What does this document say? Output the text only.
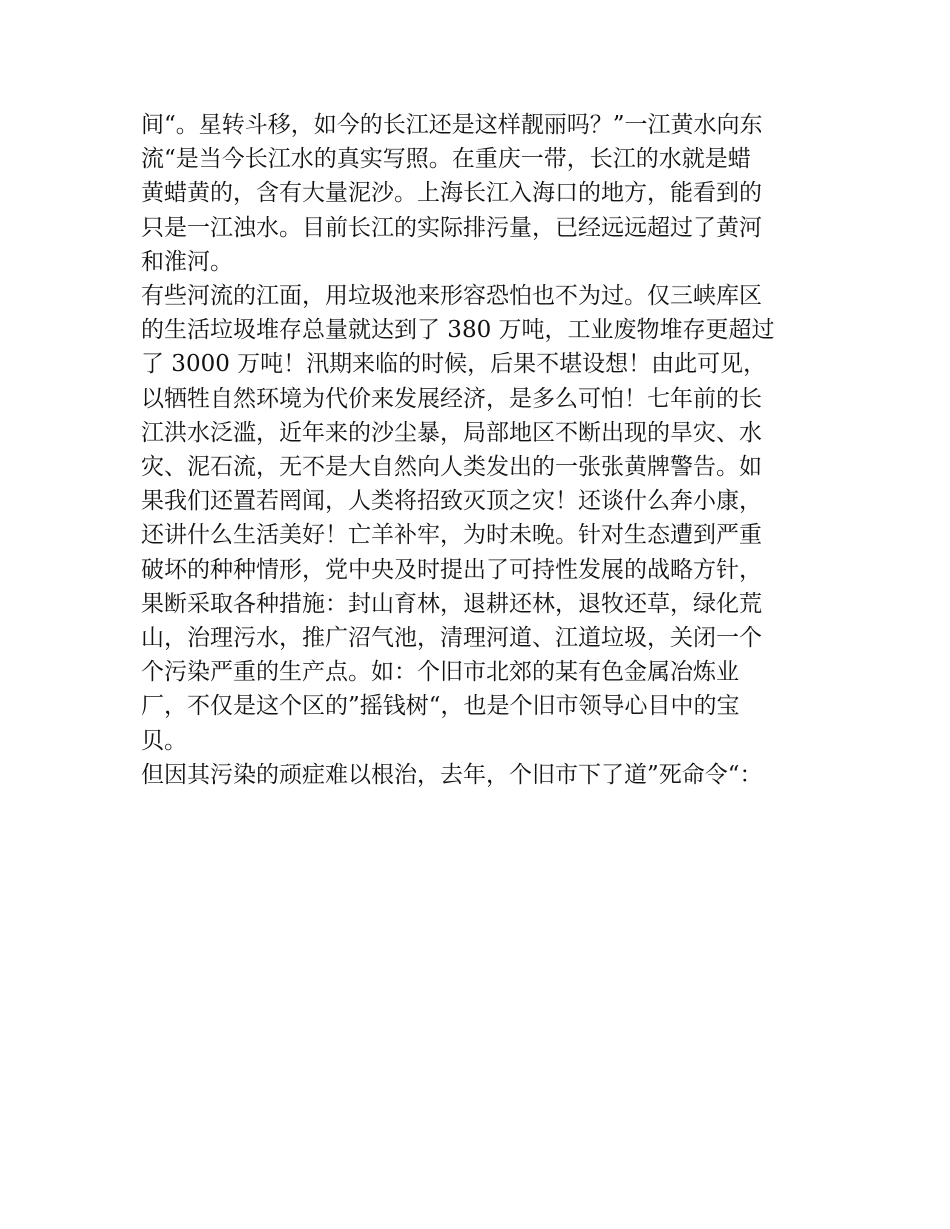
间“。星转斗移，如今的长江还是这样靓丽吗？”一江黄水向东
流“是当今长江水的真实写照。在重庆一带，长江的水就是蜡
黄蜡黄的，含有大量泥沙。上海长江入海口的地方，能看到的
只是一江浊水。目前长江的实际排污量，已经远远超过了黄河
和淮河。
有些河流的江面，用垃圾池来形容恐怕也不为过。仅三峡库区
的生活垃圾堆存总量就达到了 380 万吨，工业废物堆存更超过
了 3000 万吨！汛期来临的时候，后果不堪设想！由此可见，
以牺牲自然环境为代价来发展经济，是多么可怕！七年前的长
江洪水泛滥，近年来的沙尘暴，局部地区不断出现的旱灾、水
灾、泥石流，无不是大自然向人类发出的一张张黄牌警告。如
果我们还置若罔闻，人类将招致灭顶之灾！还谈什么奔小康，
还讲什么生活美好！亡羊补牢，为时未晚。针对生态遭到严重
破坏的种种情形，党中央及时提出了可持性发展的战略方针，
果断采取各种措施：封山育林，退耕还林，退牧还草，绿化荒
山，治理污水，推广沼气池，清理河道、江道垃圾，关闭一个
个污染严重的生产点。如：个旧市北郊的某有色金属冶炼业
厂，不仅是这个区的”摇钱树“，也是个旧市领导心目中的宝
贝。
但因其污染的顽症难以根治，去年，个旧市下了道”死命令“：
